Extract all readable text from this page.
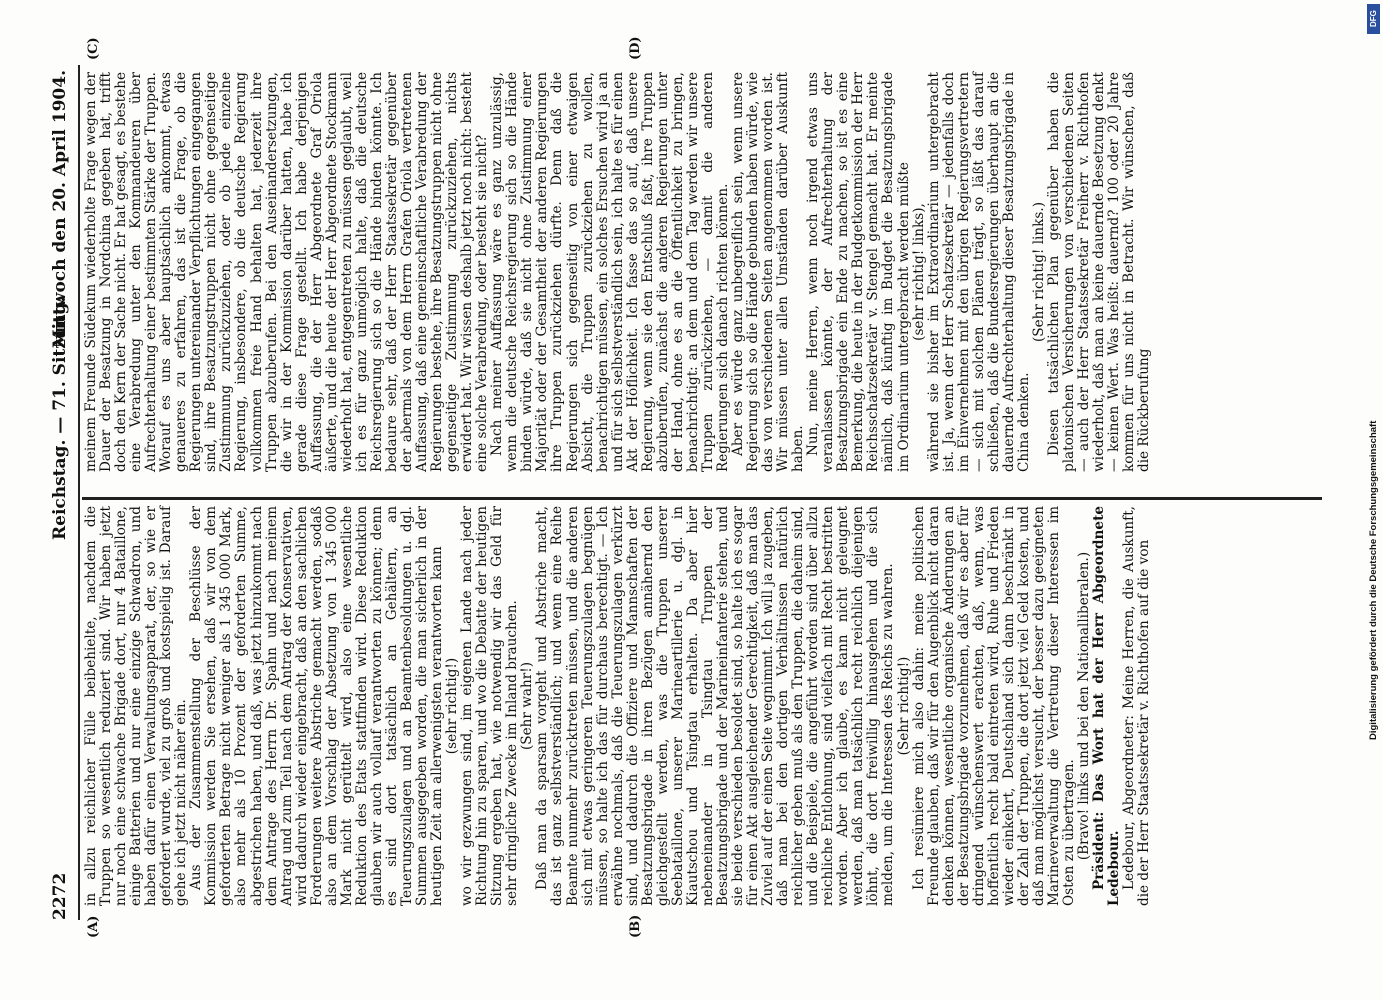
2272
Reichstag. — 71. Sitzung.
Mittwoch den 20. April 1904.
(A)	(B)
(C)	(D)

in allzu reichlicher Fülle beibehielte, nachdem die Truppen so wesentlich reduziert sind. Wir haben jetzt nur noch eine schwache Brigade dort, nur 4 Bataillone, einige Batterien und nur eine einzige Schwadron, und haben dafür einen Verwaltungsapparat, der, so wie er gefordert wurde, viel zu groß und kostspielig ist. Darauf gehe ich jetzt nicht näher ein. Aus der Zusammenstellung der Beschlüsse der Kommission werden Sie ersehen, daß wir von dem geforderten Betrage nicht weniger als 1 345 000 Mark, also mehr als 10 Prozent der geforderten Summe, abgestrichen haben, und daß, was jetzt hinzukommt nach dem Antrage des Herrn Dr. Spahn und nach meinem Antrag und zum Teil nach dem Antrag der Konservativen, wird dadurch wieder eingebracht, daß an den sachlichen Forderungen weitere Abstriche gemacht werden, sodaß also an dem Vorschlag der Absetzung von 1 345 000 Mark nicht gerüttelt wird, also eine wesentliche Reduktion des Etats stattfinden wird. Diese Reduktion glauben wir auch vollauf verantworten zu können; denn es sind dort tatsächlich an Gehältern, an Teuerungszulagen und an Beamtenbesoldungen u. dgl. Summen ausgegeben worden, die man sicherlich in der heutigen Zeit am allerwenigsten verantworten kann (sehr richtig!) wo wir gezwungen sind, im eigenen Lande nach jeder Richtung hin zu sparen, und wo die Debatte der heutigen Sitzung ergeben hat, wie notwendig wir das Geld für sehr dringliche Zwecke im Inland brauchen. (Sehr wahr!) Daß man da sparsam vorgeht und Abstriche macht, das ist ganz selbstverständlich; und wenn eine Reihe Beamte nunmehr zurücktreten müssen, und die anderen sich mit etwas geringeren Teuerungszulagen begnügen müssen, so halte ich das für durchaus berechtigt. — Ich erwähne nochmals, daß die Teuerungszulagen verkürzt sind, und dadurch die Offiziere und Mannschaften der Besatzungsbrigade in ihren Bezügen annähernd den gleichgestellt werden, was die Truppen unserer Seebataillone, unserer Marineartillerie u. dgl. in Kiautschou und Tsingtau erhalten. Da aber hier nebeneinander in Tsingtau Truppen der Besatzungsbrigade und der Marineinfanterie stehen, und sie beide verschieden besoldet sind, so halte ich es sogar für einen Akt ausgleichender Gerechtigkeit, daß man das Zuviel auf der einen Seite wegnimmt. Ich will ja zugeben, daß man bei den dortigen Verhältnissen natürlich reichlicher geben muß als den Truppen, die daheim sind, und die Beispiele, die angeführt worden sind über allzu reichliche Entlohnung, sind vielfach mit Recht bestritten worden. Aber ich glaube, es kann nicht geleugnet werden, daß man tatsächlich recht reichlich diejenigen löhnt, die dort freiwillig hinausgehen und die sich melden, um die Interessen des Reichs zu wahren. (Sehr richtig!) Ich resümiere mich also dahin: meine politischen Freunde glauben, daß wir für den Augenblick nicht daran denken können, wesentliche organische Änderungen an der Besatzungsbrigade vorzunehmen, daß wir es aber für dringend wünschenswert erachten, daß, wenn, was hoffentlich recht bald eintreten wird, Ruhe und Frieden wieder einkehrt, Deutschland sich dann beschränkt in der Zahl der Truppen, die dort jetzt viel Geld kosten, und daß man möglichst versucht, der besser dazu geeigneten Marineverwaltung die Vertretung dieser Interessen im Osten zu übertragen. (Bravo! links und bei den Nationalliberalen.) Präsident: Das Wort hat der Herr Abgeordnete Ledebour. Ledebour, Abgeordneter: Meine Herren, die Auskunft, die der Herr Staatssekretär v. Richthofen auf die von

meinem Freunde Südekum wiederholte Frage wegen der Dauer der Besatzung in Nordchina gegeben hat, trifft doch den Kern der Sache nicht. Er hat gesagt, es bestehe eine Verabredung unter den Kommandeuren über Aufrechterhaltung einer bestimmten Stärke der Truppen. Worauf es uns aber hauptsächlich ankommt, etwas genaueres zu erfahren, das ist die Frage, ob die Regierungen untereinander Verpflichtungen eingegangen sind, ihre Besatzungstruppen nicht ohne gegenseitige Zustimmung zurückzuziehen, oder ob jede einzelne Regierung, insbesondere, ob die deutsche Regierung vollkommen freie Hand behalten hat, jederzeit ihre Truppen abzuberufen. Bei den Auseinandersetzungen, die wir in der Kommission darüber hatten, habe ich gerade diese Frage gestellt. Ich habe derjenigen Auffassung, die der Herr Abgeordnete Graf Oriola äußerte, und die heute der Herr Abgeordnete Stockmann wiederholt hat, entgegentreten zu müssen geglaubt, weil ich es für ganz unmöglich halte, daß die deutsche Reichsregierung sich so die Hände binden könnte. Ich bedaure sehr, daß der Herr Staatssekretär gegenüber der abermals von dem Herrn Grafen Oriola vertretenen Auffassung, daß eine gemeinschaftliche Verabredung der Regierungen bestehe, ihre Besatzungstruppen nicht ohne gegenseitige Zustimmung zurückzuziehen, nichts erwidert hat. Wir wissen deshalb jetzt noch nicht: besteht eine solche Verabredung, oder besteht sie nicht? Nach meiner Auffassung wäre es ganz unzulässig, wenn die deutsche Reichsregierung sich so die Hände binden würde, daß sie nicht ohne Zustimmung einer Majorität oder der Gesamtheit der anderen Regierungen ihre Truppen zurückziehen dürfte. Denn daß die Regierungen sich gegenseitig von einer etwaigen Absicht, die Truppen zurückziehen zu wollen, benachrichtigen müssen, ein solches Ersuchen wird ja an und für sich selbstverständlich sein, ich halte es für einen Akt der Höflichkeit. Ich fasse das so auf, daß unsere Regierung, wenn sie den Entschluß faßt, ihre Truppen abzuberufen, zunächst die anderen Regierungen unter der Hand, ohne es an die Öffentlichkeit zu bringen, benachrichtigt: an dem und dem Tag werden wir unsere Truppen zurückziehen, — damit die anderen Regierungen sich danach richten können. Aber es würde ganz unbegreiflich sein, wenn unsere Regierung sich so die Hände gebunden haben würde, wie das von verschiedenen Seiten angenommen worden ist. Wir müssen unter allen Umständen darüber Auskunft haben. Nun, meine Herren, wenn noch irgend etwas uns veranlassen könnte, der Aufrechterhaltung der Besatzungsbrigade ein Ende zu machen, so ist es eine Bemerkung, die heute in der Budgetkommission der Herr Reichsschatzsekretär v. Stengel gemacht hat. Er meinte nämlich, daß künftig im Budget die Besatzungsbrigade im Ordinarium untergebracht werden müßte (sehr richtig! links), während sie bisher im Extraordinarium untergebracht ist. Ja, wenn der Herr Schatzsekretär — jedenfalls doch im Einvernehmen mit den übrigen Regierungsvertretern — sich mit solchen Plänen trägt, so läßt das darauf schließen, daß die Bundesregierungen überhaupt an die dauernde Aufrechterhaltung dieser Besatzungsbrigade in China denken.

(Sehr richtig! links.) Diesen tatsächlichen Plan gegenüber haben die platonischen Versicherungen von verschiedenen Seiten — auch der Herr Staatssekretär Freiherr v. Richthofen wiederholt, daß man an keine dauernde Besetzung denkt — keinen Wert. Was heißt: dauernd? 100 oder 20 Jahre kommen für uns nicht in Betracht. Wir wünschen, daß die Rückberufung

DFG
Digitalisierung gefördert durch die Deutsche Forschungsgemeinschaft
